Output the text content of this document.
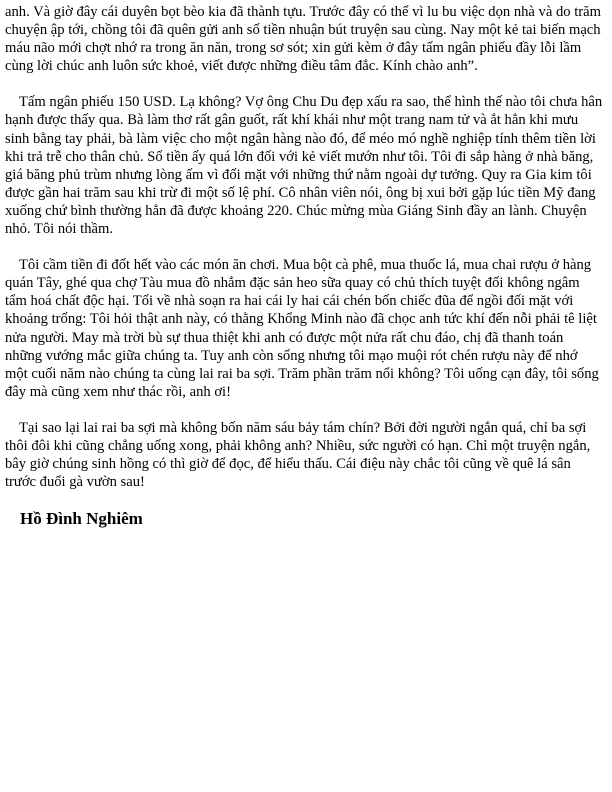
anh. Và giờ đây cái duyên bọt bèo kia đã thành tựu. Trước đây có thể vì lu bu việc dọn nhà và do trăm chuyện ập tới, chồng tôi đã quên gửi anh số tiền nhuận bút truyện sau cùng. Nay một kẻ tai biến mạch máu não mới chợt nhớ ra trong ăn năn, trong sơ sót; xin gửi kèm ở đây tấm ngân phiếu đầy lỗi lầm cùng lời chúc anh luôn sức khoẻ, viết được những điều tâm đắc. Kính chào anh”.

Tấm ngân phiếu 150 USD. Lạ không? Vợ ông Chu Du đẹp xấu ra sao, thể hình thế nào tôi chưa hân hạnh được thấy qua. Bà làm thơ rất gân guốt, rất khí khái như một trang nam tử và ắt hẳn khi mưu sinh bằng tay phải, bà làm việc cho một ngân hàng nào đó, để méo mó nghề nghiệp tính thêm tiền lời khi trả trễ cho thân chủ. Số tiền ấy quá lớn đối với kẻ viết mướn như tôi. Tôi đi sắp hàng ở nhà băng, giá băng phủ trùm nhưng lòng ấm vì đối mặt với những thứ nằm ngoài dự tưởng. Quy ra Gia kim tôi được gần hai trăm sau khi trừ đi một số lệ phí. Cô nhân viên nói, ông bị xui bởi gặp lúc tiền Mỹ đang xuống chứ bình thường hẳn đã được khoảng 220. Chúc mừng mùa Giáng Sinh đầy an lành. Chuyện nhỏ. Tôi nói thầm.

Tôi cầm tiền đi đốt hết vào các món ăn chơi. Mua bột cà phê, mua thuốc lá, mua chai rượu ở hàng quán Tây, ghé qua chợ Tàu mua đồ nhắm đặc sản heo sữa quay có chủ thích tuyệt đối không ngâm tẩm hoá chất độc hại. Tối về nhà soạn ra hai cái ly hai cái chén bốn chiếc đũa để ngồi đối mặt với khoảng trống: Tôi hỏi thật anh này, có thằng Khổng Minh nào đã chọc anh tức khí đến nỗi phải tê liệt nửa người. May mà trời bù sự thua thiệt khi anh có được một nửa rất chu đáo, chị đã thanh toán những vướng mắc giữa chúng ta. Tuy anh còn sống nhưng tôi mạo muội rót chén rượu này để nhớ một cuối năm nào chúng ta cùng lai rai ba sợi. Trăm phần trăm nổi không? Tôi uống cạn đây, tôi sống đây mà cũng xem như thác rồi, anh ơi!

Tại sao lại lai rai ba sợi mà không bốn năm sáu bảy tám chín? Bởi đời người ngắn quá, chỉ ba sợi thôi đôi khi cũng chẳng uống xong, phải không anh? Nhiều, sức người có hạn. Chỉ một truyện ngắn, bây giờ chúng sinh hồng có thì giờ để đọc, để hiểu thấu. Cái điệu này chắc tôi cũng về quê lá sân trước đuổi gà vườn sau!

Hồ Đình Nghiêm
